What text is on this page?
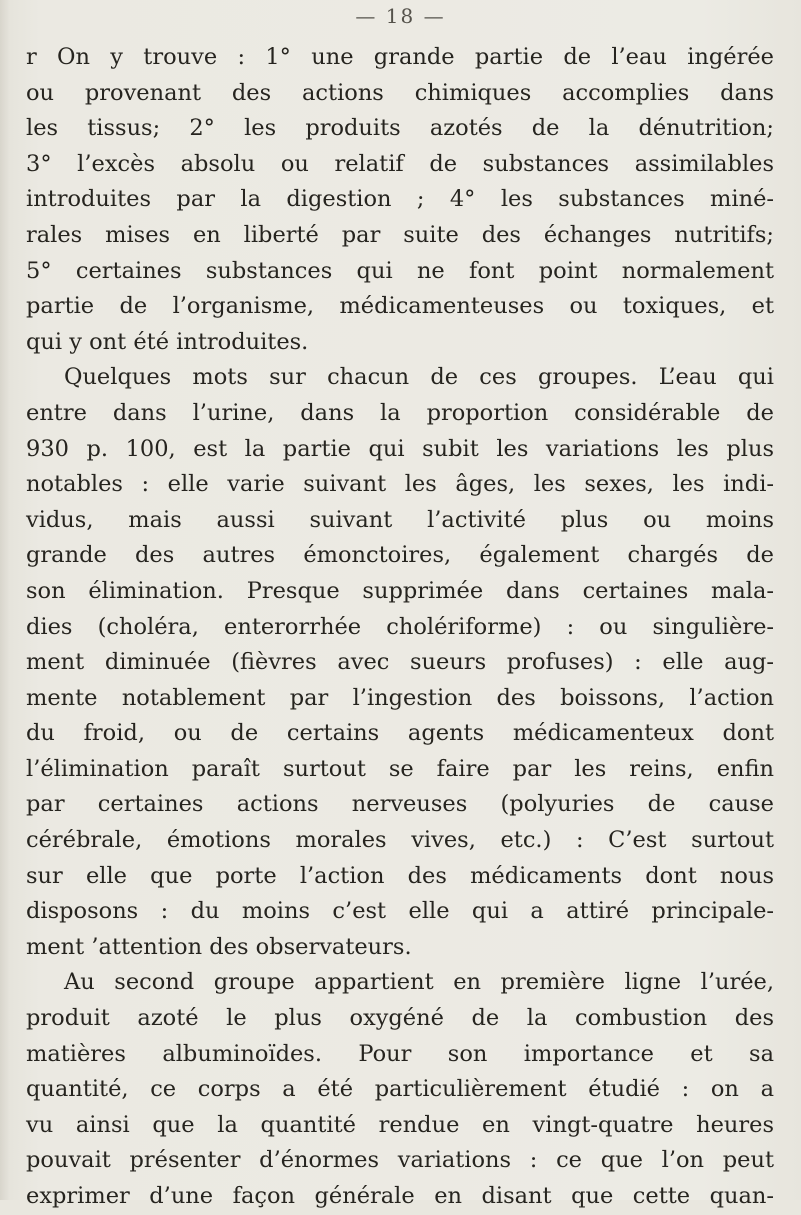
— 18 —
r On y trouve : 1° une grande partie de l’eau ingérée
ou provenant des actions chimiques accomplies dans
les tissus; 2° les produits azotés de la dénutrition;
3° l’excès absolu ou relatif de substances assimilables
introduites par la digestion ; 4° les substances miné-
rales mises en liberté par suite des échanges nutritifs;
5° certaines substances qui ne font point normalement
partie de l’organisme, médicamenteuses ou toxiques, et
qui y ont été introduites.
Quelques mots sur chacun de ces groupes. L’eau qui
entre dans l’urine, dans la proportion considérable de
930 p. 100, est la partie qui subit les variations les plus
notables : elle varie suivant les âges, les sexes, les indi-
vidus, mais aussi suivant l’activité plus ou moins
grande des autres émonctoires, également chargés de
son élimination. Presque supprimée dans certaines mala-
dies (choléra, enterorrhée cholériforme) : ou singulière-
ment diminuée (fièvres avec sueurs profuses) : elle aug-
mente notablement par l’ingestion des boissons, l’action
du froid, ou de certains agents médicamenteux dont
l’élimination paraît surtout se faire par les reins, enfin
par certaines actions nerveuses (polyuries de cause
cérébrale, émotions morales vives, etc.) : C’est surtout
sur elle que porte l’action des médicaments dont nous
disposons : du moins c’est elle qui a attiré principale-
ment ’attention des observateurs.
Au second groupe appartient en première ligne l’urée,
produit azoté le plus oxygéné de la combustion des
matières albuminoïdes. Pour son importance et sa
quantité, ce corps a été particulièrement étudié : on a
vu ainsi que la quantité rendue en vingt-quatre heures
pouvait présenter d’énormes variations : ce que l’on peut
exprimer d’une façon générale en disant que cette quan-
